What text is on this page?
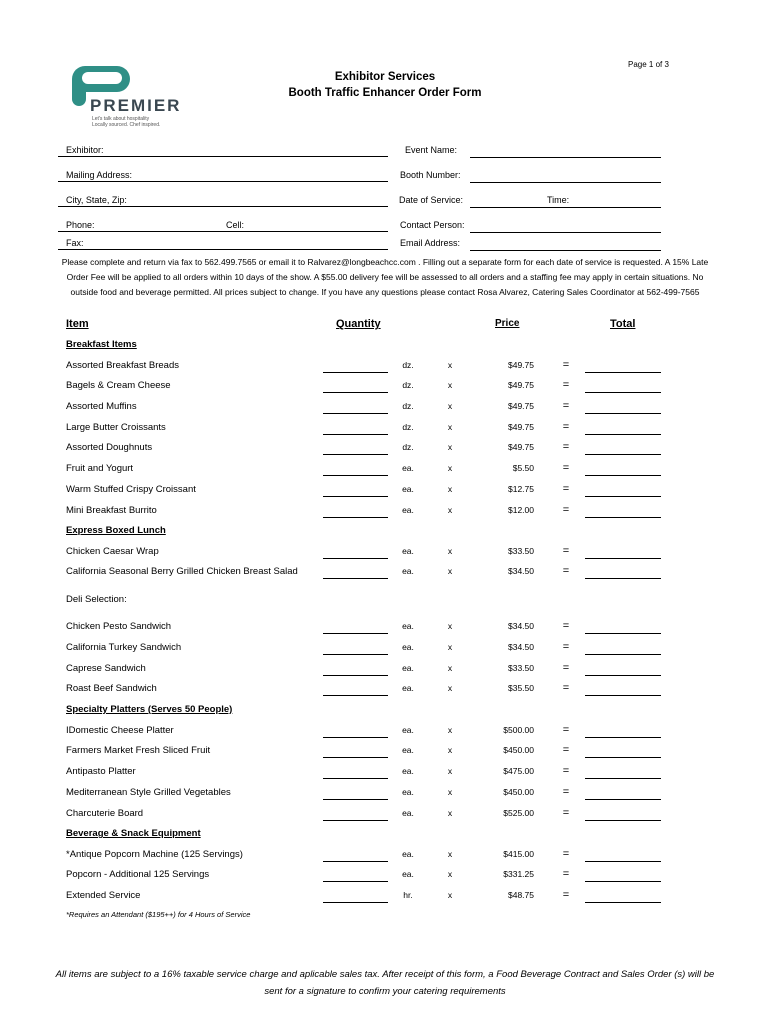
Page 1 of 3
PREMIER
Let's talk about hospitality
Locally sourced. Chef inspired.
Exhibitor Services
Booth Traffic Enhancer Order Form
Exhibitor:
Mailing Address:
City, State, Zip:
Phone:	Cell:
Fax:
Event Name:
Booth Number:
Date of Service:	Time:
Contact Person:
Email Address:
Please complete and return via fax to 562.499.7565 or email it to Ralvarez@longbeachcc.com . Filling out a separate form for each date of service is requested. A 15% Late Order Fee will be applied to all orders within 10 days of the show. A $55.00 delivery fee will be assessed to all orders and a staffing fee may apply in certain situations. No outside food and beverage permitted. All prices subject to change. If you have any questions please contact Rosa Alvarez, Catering Sales Coordinator at 562-499-7565
Item	Quantity	Price	Total
Breakfast Items
Assorted Breakfast Breads	dz.	x	$49.75	=
Bagels & Cream Cheese	dz.	x	$49.75	=
Assorted Muffins	dz.	x	$49.75	=
Large Butter Croissants	dz.	x	$49.75	=
Assorted Doughnuts	dz.	x	$49.75	=
Fruit and Yogurt	ea.	x	$5.50	=
Warm Stuffed Crispy Croissant	ea.	x	$12.75	=
Mini Breakfast Burrito	ea.	x	$12.00	=
Express Boxed Lunch
Chicken Caesar Wrap	ea.	x	$33.50	=
California Seasonal Berry Grilled Chicken Breast Salad	ea.	x	$34.50	=
Deli Selection:
Chicken Pesto Sandwich	ea.	x	$34.50	=
California Turkey Sandwich	ea.	x	$34.50	=
Caprese Sandwich	ea.	x	$33.50	=
Roast Beef Sandwich	ea.	x	$35.50	=
Specialty Platters (Serves 50 People)
IDomestic Cheese Platter	ea.	x	$500.00	=
Farmers Market Fresh Sliced Fruit	ea.	x	$450.00	=
Antipasto Platter	ea.	x	$475.00	=
Mediterranean Style Grilled Vegetables	ea.	x	$450.00	=
Charcuterie Board	ea.	x	$525.00	=
Beverage & Snack Equipment
*Antique Popcorn Machine (125 Servings)	ea.	x	$415.00	=
Popcorn - Additional 125 Servings	ea.	x	$331.25	=
Extended Service	hr.	x	$48.75	=
*Requires an Attendant ($195++) for 4 Hours of Service
All items are subject to a 16% taxable service charge and aplicable sales tax. After receipt of this form, a Food Beverage Contract and Sales Order (s) will be sent for a signature to confirm your catering requirements
